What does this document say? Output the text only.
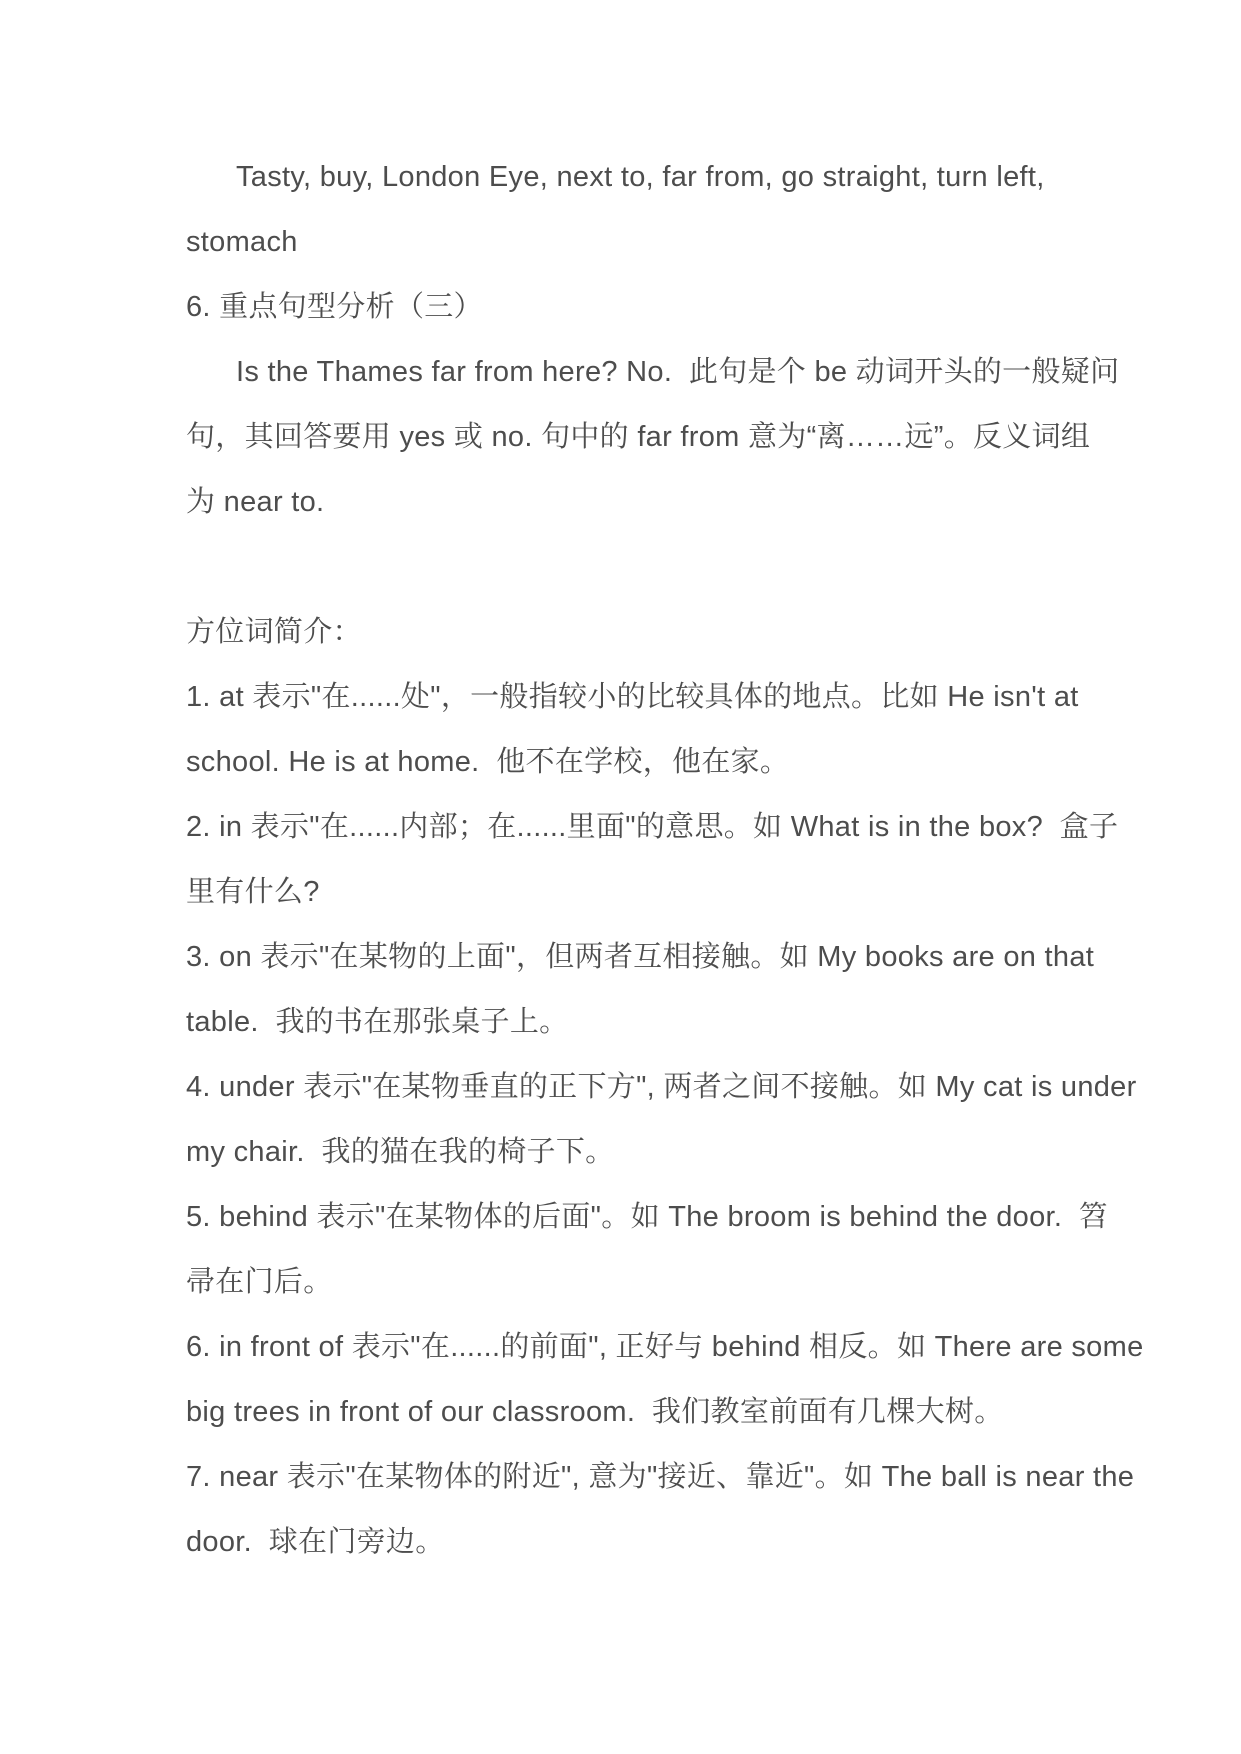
Tasty, buy, London Eye, next to, far from, go straight, turn left,
stomach
6. 重点句型分析（三）
Is the Thames far from here? No.  此句是个 be 动词开头的一般疑问
句，其回答要用 yes 或 no. 句中的 far from 意为“离……远”。反义词组
为 near to.
方位词简介：
1. at 表示"在......处"，一般指较小的比较具体的地点。比如 He isn't at
school. He is at home.  他不在学校，他在家。
2. in 表示"在......内部；在......里面"的意思。如 What is in the box?  盒子
里有什么?
3. on 表示"在某物的上面"，但两者互相接触。如 My books are on that
table.  我的书在那张桌子上。
4. under 表示"在某物垂直的正下方", 两者之间不接触。如 My cat is under
my chair.  我的猫在我的椅子下。
5. behind 表示"在某物体的后面"。如 The broom is behind the door.  笤
帚在门后。
6. in front of 表示"在......的前面", 正好与 behind 相反。如 There are some
big trees in front of our classroom.  我们教室前面有几棵大树。
7. near 表示"在某物体的附近", 意为"接近、靠近"。如 The ball is near the
door.  球在门旁边。
